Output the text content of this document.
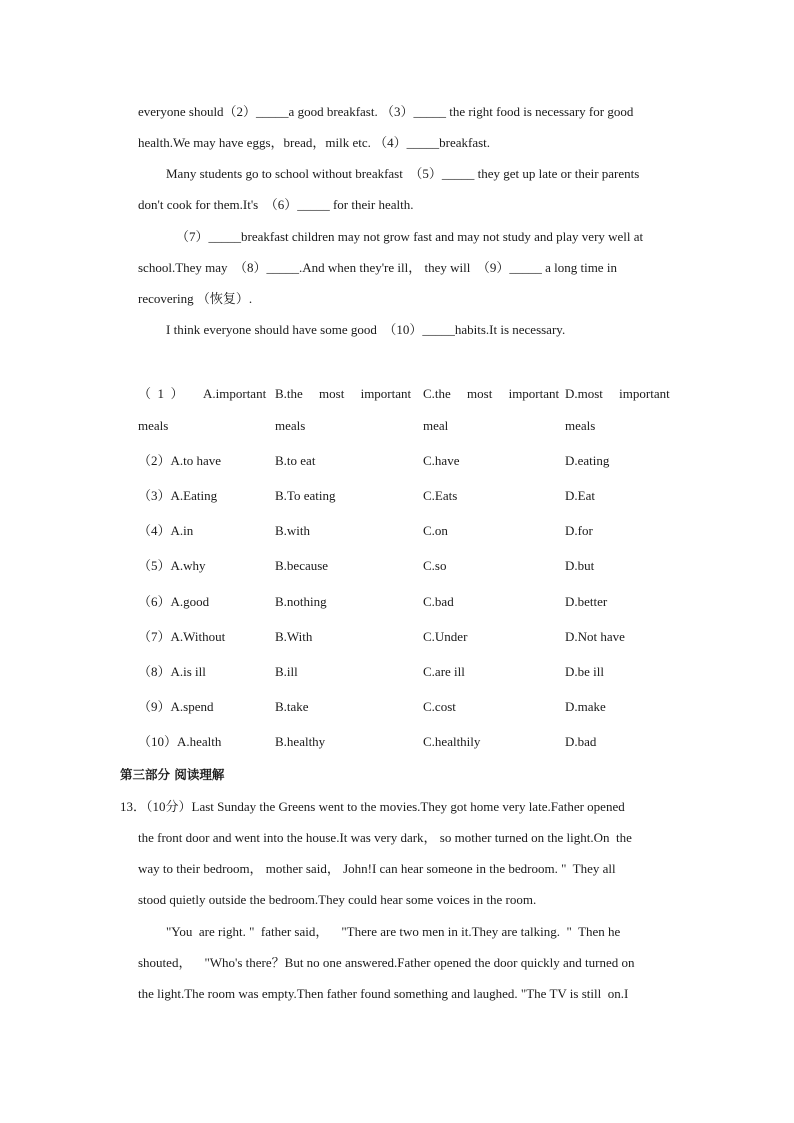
everyone should（2）_____a good breakfast. （3）_____ the right food is necessary for good
health.We may have eggs，bread，milk etc. （4）_____breakfast.
Many students go to school without breakfast  （5）_____ they get up late or their parents
don't cook for them.It's  （6）_____ for their health.
（7）_____breakfast children may not grow fast and may not study and play very well at
school.They may  （8）_____.And when they're ill， they will  （9）_____ a long time in
recovering （恢复）.
I think everyone should have some good  （10）_____habits.It is necessary.
（  1  ） A.important B.the     most     important C.the     most     important D.most     important
meals	meals	meal	meals
（2）A.to have	B.to eat	C.have	D.eating
（3）A.Eating	B.To eating	C.Eats	D.Eat
（4）A.in	B.with	C.on	D.for
（5）A.why	B.because	C.so	D.but
（6）A.good	B.nothing	C.bad	D.better
（7）A.Without	B.With	C.Under	D.Not have
（8）A.is ill	B.ill	C.are ill	D.be ill
（9）A.spend	B.take	C.cost	D.make
（10）A.health	B.healthy	C.healthily	D.bad
第三部分 阅读理解
13．（10分）Last Sunday the Greens went to the movies.They got home very late.Father opened
the front door and went into the house.It was very dark， so mother turned on the light.On  the
way to their bedroom， mother said， John!I can hear someone in the bedroom. "  They all
stood quietly outside the bedroom.They could hear some voices in the room.
"You  are right. "  father said，    "There are two men in it.They are talking.  "  Then he
shouted，    "Who's there？But no one answered.Father opened the door quickly and turned on
the light.The room was empty.Then father found something and laughed. "The TV is still  on.I
